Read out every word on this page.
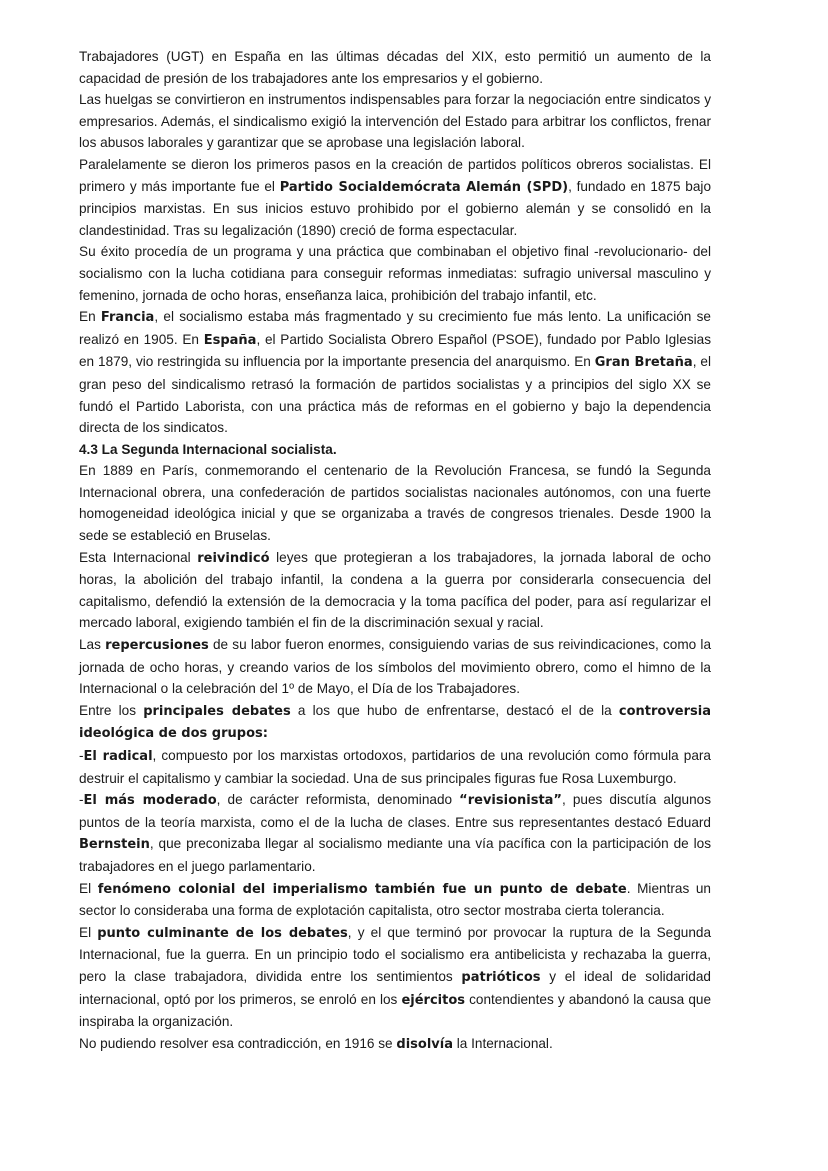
Trabajadores (UGT) en España en las últimas décadas del XIX, esto permitió un aumento de la capacidad de presión de los trabajadores ante los empresarios y el gobierno.

Las huelgas se convirtieron en instrumentos indispensables para forzar la negociación entre sindicatos y empresarios. Además, el sindicalismo exigió la intervención del Estado para arbitrar los conflictos, frenar los abusos laborales y garantizar que se aprobase una legislación laboral.

Paralelamente se dieron los primeros pasos en la creación de partidos políticos obreros socialistas. El primero y más importante fue el Partido Socialdemócrata Alemán (SPD), fundado en 1875 bajo principios marxistas. En sus inicios estuvo prohibido por el gobierno alemán y se consolidó en la clandestinidad. Tras su legalización (1890) creció de forma espectacular.

Su éxito procedía de un programa y una práctica que combinaban el objetivo final -revolucionario- del socialismo con la lucha cotidiana para conseguir reformas inmediatas: sufragio universal masculino y femenino, jornada de ocho horas, enseñanza laica, prohibición del trabajo infantil, etc.

En Francia, el socialismo estaba más fragmentado y su crecimiento fue más lento. La unificación se realizó en 1905. En España, el Partido Socialista Obrero Español (PSOE), fundado por Pablo Iglesias en 1879, vio restringida su influencia por la importante presencia del anarquismo. En Gran Bretaña, el gran peso del sindicalismo retrasó la formación de partidos socialistas y a principios del siglo XX se fundó el Partido Laborista, con una práctica más de reformas en el gobierno y bajo la dependencia directa de los sindicatos.

4.3 La Segunda Internacional socialista.

En 1889 en París, conmemorando el centenario de la Revolución Francesa, se fundó la Segunda Internacional obrera, una confederación de partidos socialistas nacionales autónomos, con una fuerte homogeneidad ideológica inicial y que se organizaba a través de congresos trienales. Desde 1900 la sede se estableció en Bruselas.

Esta Internacional reivindicó leyes que protegieran a los trabajadores, la jornada laboral de ocho horas, la abolición del trabajo infantil, la condena a la guerra por considerarla consecuencia del capitalismo, defendió la extensión de la democracia y la toma pacífica del poder, para así regularizar el mercado laboral, exigiendo también el fin de la discriminación sexual y racial.

Las repercusiones de su labor fueron enormes, consiguiendo varias de sus reivindicaciones, como la jornada de ocho horas, y creando varios de los símbolos del movimiento obrero, como el himno de la Internacional o la celebración del 1º de Mayo, el Día de los Trabajadores.

Entre los principales debates a los que hubo de enfrentarse, destacó el de la controversia ideológica de dos grupos:

-El radical, compuesto por los marxistas ortodoxos, partidarios de una revolución como fórmula para destruir el capitalismo y cambiar la sociedad. Una de sus principales figuras fue Rosa Luxemburgo.

-El más moderado, de carácter reformista, denominado “revisionista”, pues discutía algunos puntos de la teoría marxista, como el de la lucha de clases. Entre sus representantes destacó Eduard Bernstein, que preconizaba llegar al socialismo mediante una vía pacífica con la participación de los trabajadores en el juego parlamentario.

El fenómeno colonial del imperialismo también fue un punto de debate. Mientras un sector lo consideraba una forma de explotación capitalista, otro sector mostraba cierta tolerancia.

El punto culminante de los debates, y el que terminó por provocar la ruptura de la Segunda Internacional, fue la guerra. En un principio todo el socialismo era antibelicista y rechazaba la guerra, pero la clase trabajadora, dividida entre los sentimientos patrióticos y el ideal de solidaridad internacional, optó por los primeros, se enroló en los ejércitos contendientes y abandonó la causa que inspiraba la organización.

No pudiendo resolver esa contradicción, en 1916 se disolvía la Internacional.
